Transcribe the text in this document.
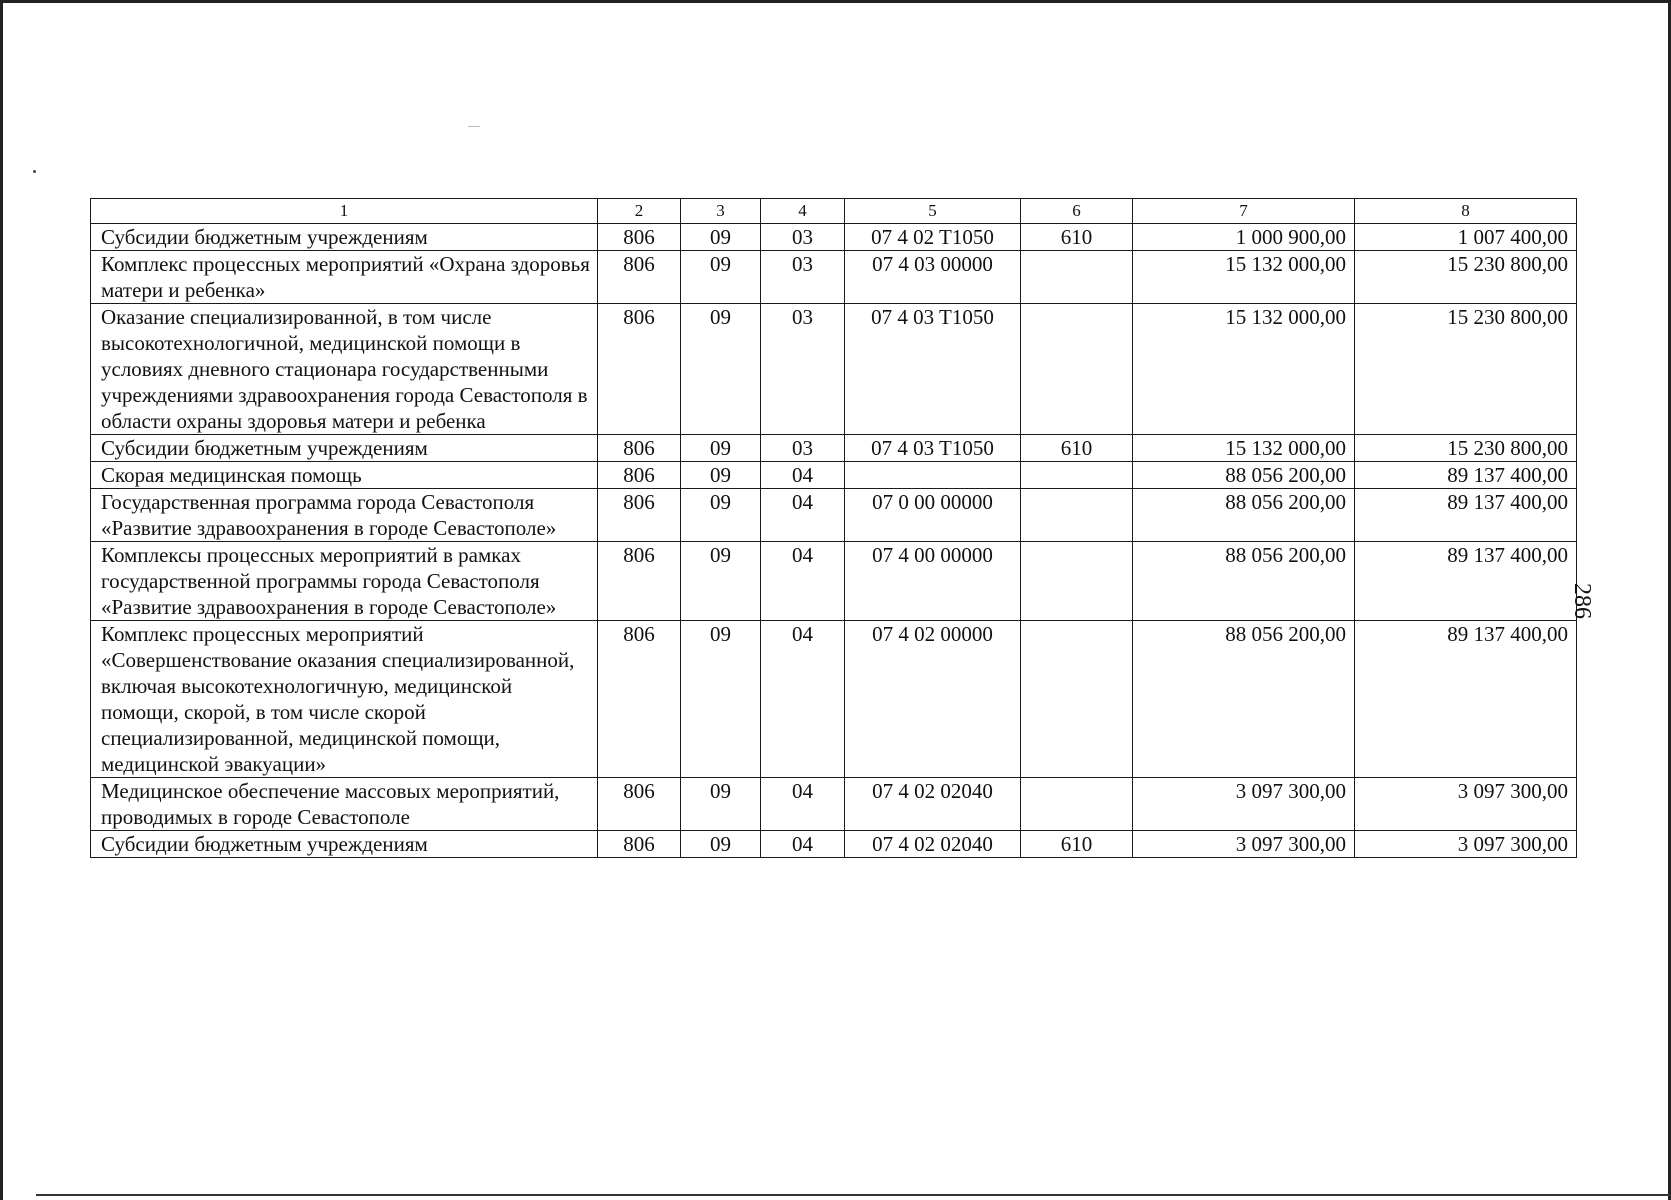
1	2	3	4	5	6	7	8
Субсидии бюджетным учреждениям	806	09	03	07 4 02 T1050	610	1 000 900,00	1 007 400,00
Комплекс процессных мероприятий «Охрана здоровья матери и ребенка»	806	09	03	07 4 03 00000		15 132 000,00	15 230 800,00
Оказание специализированной, в том числе высокотехнологичной, медицинской помощи в условиях дневного стационара государственными учреждениями здравоохранения города Севастополя в области охраны здоровья матери и ребенка	806	09	03	07 4 03 T1050		15 132 000,00	15 230 800,00
Субсидии бюджетным учреждениям	806	09	03	07 4 03 T1050	610	15 132 000,00	15 230 800,00
Скорая медицинская помощь	806	09	04			88 056 200,00	89 137 400,00
Государственная программа города Севастополя «Развитие здравоохранения в городе Севастополе»	806	09	04	07 0 00 00000		88 056 200,00	89 137 400,00
Комплексы процессных мероприятий в рамках государственной программы города Севастополя «Развитие здравоохранения в городе Севастополе»	806	09	04	07 4 00 00000		88 056 200,00	89 137 400,00
Комплекс процессных мероприятий «Совершенствование оказания специализированной, включая высокотехнологичную, медицинской помощи, скорой, в том числе скорой специализированной, медицинской помощи, медицинской эвакуации»	806	09	04	07 4 02 00000		88 056 200,00	89 137 400,00
Медицинское обеспечение массовых мероприятий, проводимых в городе Севастополе	806	09	04	07 4 02 02040		3 097 300,00	3 097 300,00
Субсидии бюджетным учреждениям	806	09	04	07 4 02 02040	610	3 097 300,00	3 097 300,00
286
